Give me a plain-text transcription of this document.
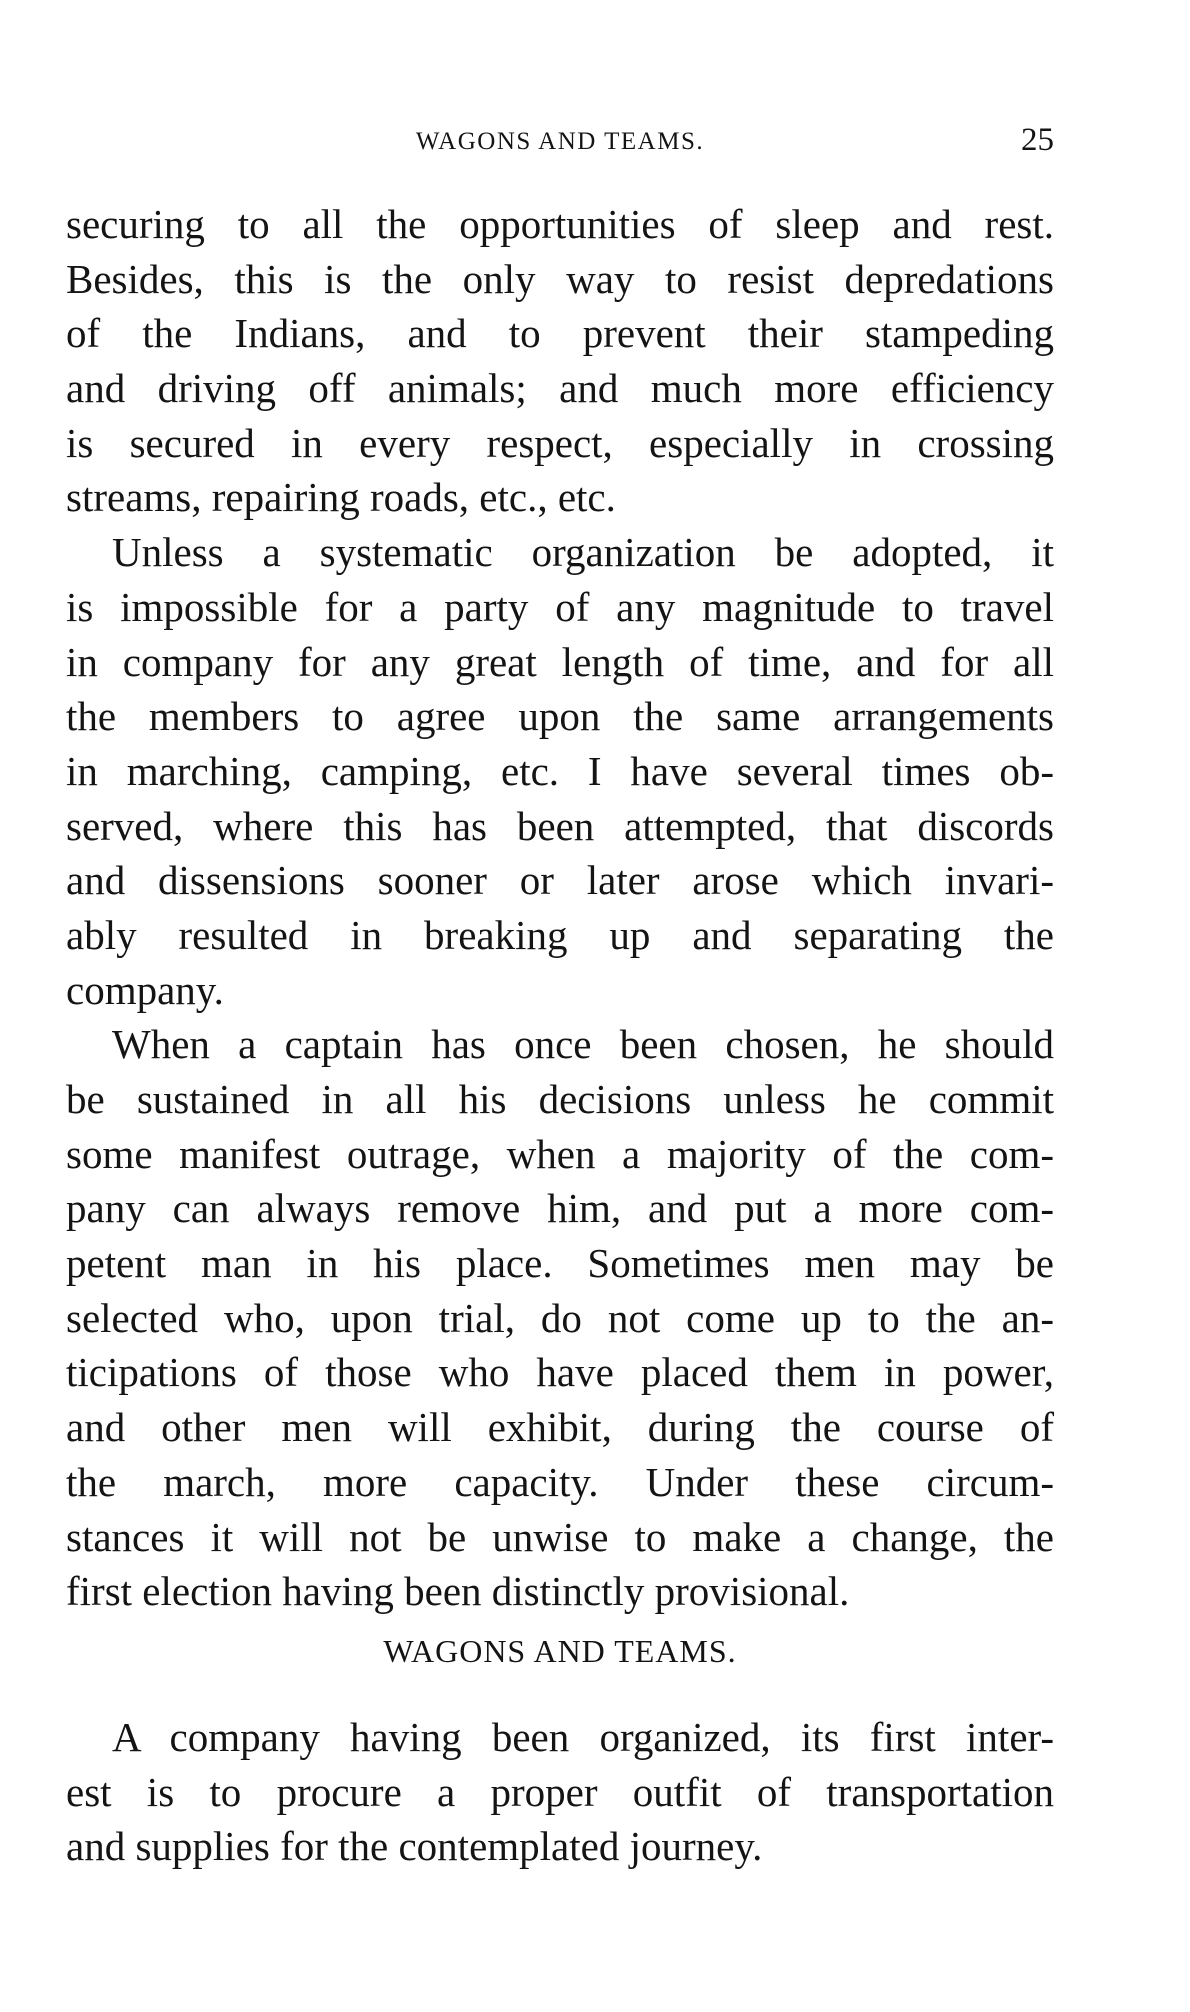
WAGONS AND TEAMS.	25
securing to all the opportunities of sleep and rest.
Besides, this is the only way to resist depredations
of the Indians, and to prevent their stampeding
and driving off animals; and much more efficiency
is secured in every respect, especially in crossing
streams, repairing roads, etc., etc.
Unless a systematic organization be adopted, it
is impossible for a party of any magnitude to travel
in company for any great length of time, and for all
the members to agree upon the same arrangements
in marching, camping, etc. I have several times ob-
served, where this has been attempted, that discords
and dissensions sooner or later arose which invari-
ably resulted in breaking up and separating the
company.
When a captain has once been chosen, he should
be sustained in all his decisions unless he commit
some manifest outrage, when a majority of the com-
pany can always remove him, and put a more com-
petent man in his place. Sometimes men may be
selected who, upon trial, do not come up to the an-
ticipations of those who have placed them in power,
and other men will exhibit, during the course of
the march, more capacity. Under these circum-
stances it will not be unwise to make a change, the
first election having been distinctly provisional.
WAGONS AND TEAMS.
A company having been organized, its first inter-
est is to procure a proper outfit of transportation
and supplies for the contemplated journey.
